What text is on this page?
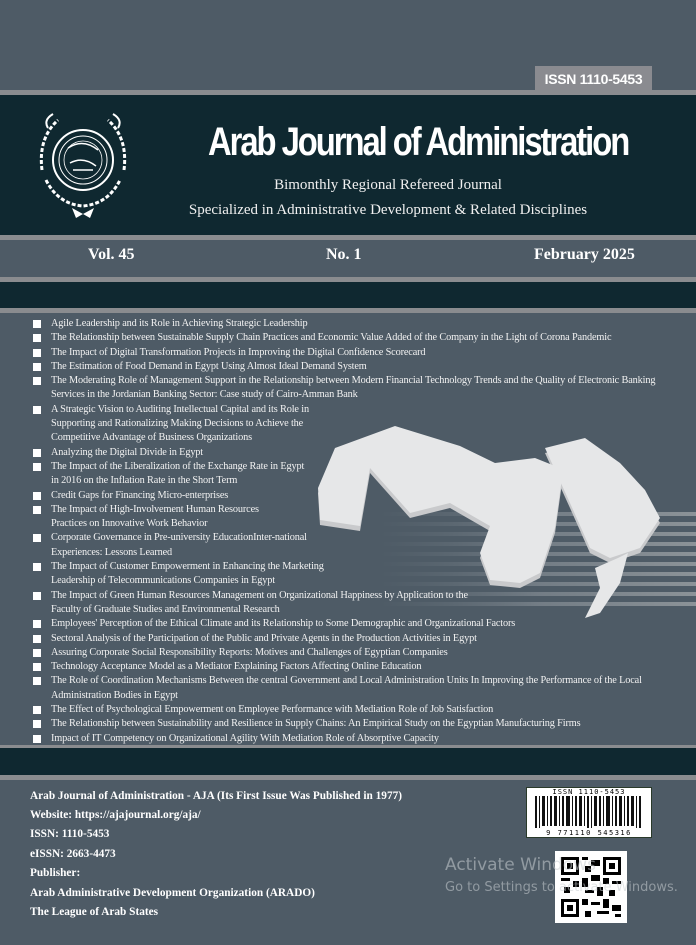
ISSN 1110-5453
Arab Journal of Administration
Bimonthly Regional Refereed Journal
Specialized in Administrative Development & Related Disciplines
Vol. 45	No. 1	February 2025
Agile Leadership and its Role in Achieving Strategic Leadership
The Relationship between Sustainable Supply Chain Practices and Economic Value Added of the Company in the Light of Corona Pandemic
The Impact of Digital Transformation Projects in Improving the Digital Confidence Scorecard
The Estimation of Food Demand in Egypt Using Almost Ideal Demand System
The Moderating Role of Management Support in the Relationship between Modern Financial Technology Trends and the Quality of Electronic Banking Services in the Jordanian Banking Sector: Case study of Cairo-Amman Bank
A Strategic Vision to Auditing Intellectual Capital and its Role in Supporting and Rationalizing Making Decisions to Achieve the Competitive Advantage of Business Organizations
Analyzing the Digital Divide in Egypt
The Impact of the Liberalization of the Exchange Rate in Egypt in 2016 on the Inflation Rate in the Short Term
Credit Gaps for Financing Micro-enterprises
The Impact of High-Involvement Human Resources Practices on Innovative Work Behavior
Corporate Governance in Pre-university EducationInter-national Experiences: Lessons Learned
The Impact of Customer Empowerment in Enhancing the Marketing Leadership of Telecommunications Companies in Egypt
The Impact of Green Human Resources Management on Organizational Happiness by Application to the Faculty of Graduate Studies and Environmental Research
Employees' Perception of the Ethical Climate and its Relationship to Some Demographic and Organizational Factors
Sectoral Analysis of the Participation of the Public and Private Agents in the Production Activities in Egypt
Assuring Corporate Social Responsibility Reports: Motives and Challenges of Egyptian Companies
Technology Acceptance Model as a Mediator Explaining Factors Affecting Online Education
The Role of Coordination Mechanisms Between the central Government and Local Administration Units In Improving the Performance of the Local Administration Bodies in Egypt
The Effect of Psychological Empowerment on Employee Performance with Mediation Role of Job Satisfaction
The Relationship between Sustainability and Resilience in Supply Chains: An Empirical Study on the Egyptian Manufacturing Firms
Impact of IT Competency on Organizational Agility With Mediation Role of Absorptive Capacity
Arab Journal of Administration - AJA (Its First Issue Was Published in 1977)
Website: https://ajajournal.org/aja/
ISSN: 1110-5453
eISSN: 2663-4473
Publisher:
Arab Administrative Development Organization (ARADO)
The League of Arab States
ISSN 1110-5453
9 771110 545316
Activate Windows
Go to Settings to activate Windows.
